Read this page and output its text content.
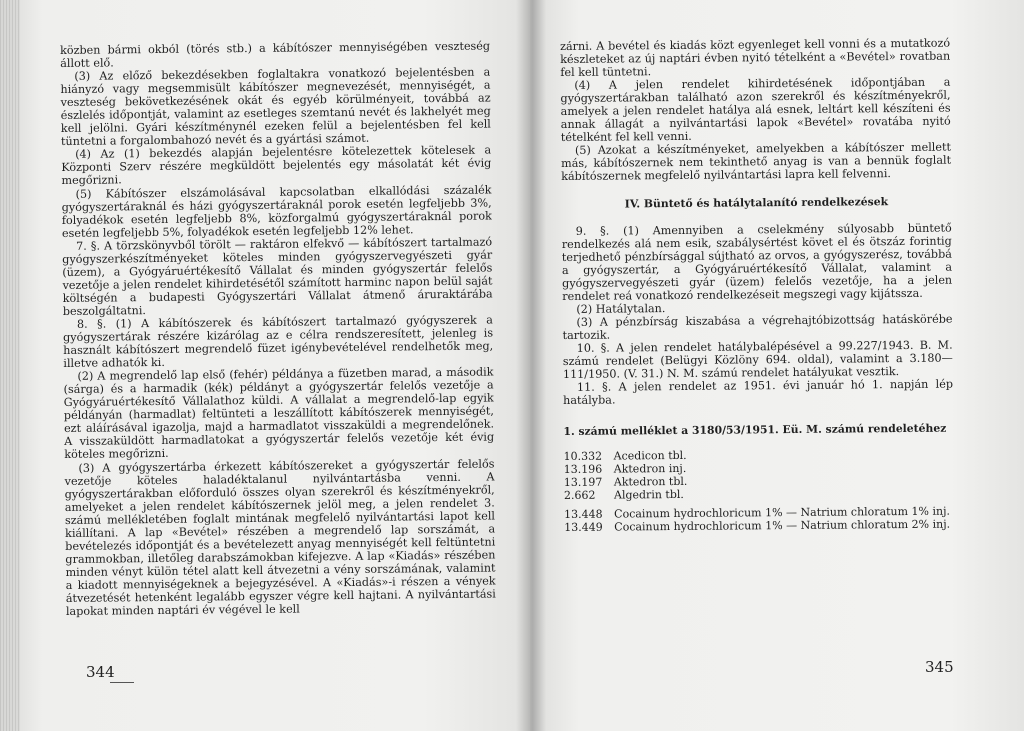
közben bármi okból (törés stb.) a kábítószer mennyiségében veszteség állott elő.

(3) Az előző bekezdésekben foglaltakra vonatkozó bejelentésben a hiányzó vagy megsemmisült kábítószer megnevezését, mennyiségét, a veszteség bekövetkezésének okát és egyéb körülményeit, továbbá az észlelés időpontját, valamint az esetleges szemtanú nevét és lakhelyét meg kell jelölni. Gyári készítménynél ezeken felül a bejelentésben fel kell tüntetni a forgalombahozó nevét és a gyártási számot.

(4) Az (1) bekezdés alapján bejelentésre kötelezettek kötelesek a Központi Szerv részére megküldött bejelentés egy másolatát két évig megőrizni.

(5) Kábítószer elszámolásával kapcsolatban elkallódási százalék gyógyszertáraknál és házi gyógyszertáraknál porok esetén legfeljebb 3%, folyadékok esetén legfeljebb 8%, közforgalmú gyógyszertáraknál porok esetén legfeljebb 5%, folyadékok esetén legfeljebb 12% lehet.

7. §. A törzskönyvből törölt — raktáron elfekvő — kábítószert tartalmazó gyógyszerkészítményeket köteles minden gyógyszervegyészeti gyár (üzem), a Gyógyáruértékesítő Vállalat és minden gyógyszertár felelős vezetője a jelen rendelet kihirdetésétől számított harminc napon belül saját költségén a budapesti Gyógyszertári Vállalat átmenő áruraktárába beszolgáltatni.

8. §. (1) A kábítószerek és kábítószert tartalmazó gyógyszerek a gyógyszertárak részére kizárólag az e célra rendszeresített, jelenleg is használt kábítószert megrendelő füzet igénybevételével rendelhetők meg, illetve adhatók ki.

(2) A megrendelő lap első (fehér) példánya a füzetben marad, a második (sárga) és a harmadik (kék) példányt a gyógyszertár felelős vezetője a Gyógyáruértékesítő Vállalathoz küldi. A vállalat a megrendelő-lap egyik példányán (harmadlat) feltünteti a leszállított kábítószerek mennyiségét, ezt aláírásával igazolja, majd a harmadlatot visszaküldi a megrendelőnek. A visszaküldött harmadlatokat a gyógyszertár felelős vezetője két évig köteles megőrizni.

(3) A gyógyszertárba érkezett kábítószereket a gyógyszertár felelős vezetője köteles haladéktalanul nyilvántartásba venni. A gyógyszertárakban előforduló összes olyan szerekről és készítményekről, amelyeket a jelen rendelet kábítószernek jelöl meg, a jelen rendelet 3. számú mellékletében foglalt mintának megfelelő nyilvántartási lapot kell kiállítani. A lap «Bevétel» részében a megrendelő lap sorszámát, a bevételezés időpontját és a bevételezett anyag mennyiségét kell feltüntetni grammokban, illetőleg darabszámokban kifejezve. A lap «Kiadás» részében minden vényt külön tétel alatt kell átvezetni a vény sorszámának, valamint a kiadott mennyiségeknek a bejegyzésével. A «Kiadás»-i részen a vények átvezetését hetenként legalább egyszer végre kell hajtani. A nyilvántartási lapokat minden naptári év végével le kell

zárni. A bevétel és kiadás közt egyenleget kell vonni és a mutatkozó készleteket az új naptári évben nyitó tételként a «Bevétel» rovatban fel kell tüntetni.

(4) A jelen rendelet kihirdetésének időpontjában a gyógyszertárakban található azon szerekről és készítményekről, amelyek a jelen rendelet hatálya alá esnek, leltárt kell készíteni és annak állagát a nyilvántartási lapok «Bevétel» rovatába nyitó tételként fel kell venni.

(5) Azokat a készítményeket, amelyekben a kábítószer mellett más, kábítószernek nem tekinthető anyag is van a bennük foglalt kábítószernek megfelelő nyilvántartási lapra kell felvenni.

IV. Büntető és hatálytalanító rendelkezések

9. §. (1) Amennyiben a cselekmény súlyosabb büntető rendelkezés alá nem esik, szabálysértést követ el és ötszáz forintig terjedhető pénzbírsággal sújtható az orvos, a gyógyszerész, továbbá a gyógyszertár, a Gyógyáruértékesítő Vállalat, valamint a gyógyszervegyészeti gyár (üzem) felelős vezetője, ha a jelen rendelet reá vonatkozó rendelkezéseit megszegi vagy kijátssza.

(2) Hatálytalan.

(3) A pénzbírság kiszabása a végrehajtóbizottság hatáskörébe tartozik.

10. §. A jelen rendelet hatálybalépésével a 99.227/1943. B. M. számú rendelet (Belügyi Közlöny 694. oldal), valamint a 3.180—111/1950. (V. 31.) N. M. számú rendelet hatályukat vesztik.

11. §. A jelen rendelet az 1951. évi január hó 1. napján lép hatályba.

1. számú melléklet a 3180/53/1951. Eü. M. számú rendeletéhez
10.332	Acedicon tbl.
13.196	Aktedron inj.
13.197	Aktedron tbl.
2.662	Algedrin tbl.
13.448	Cocainum hydrochloricum 1% — Natrium chloratum 1% inj.
13.449	Cocainum hydrochloricum 1% — Natrium chloratum 2% inj.
344	345
